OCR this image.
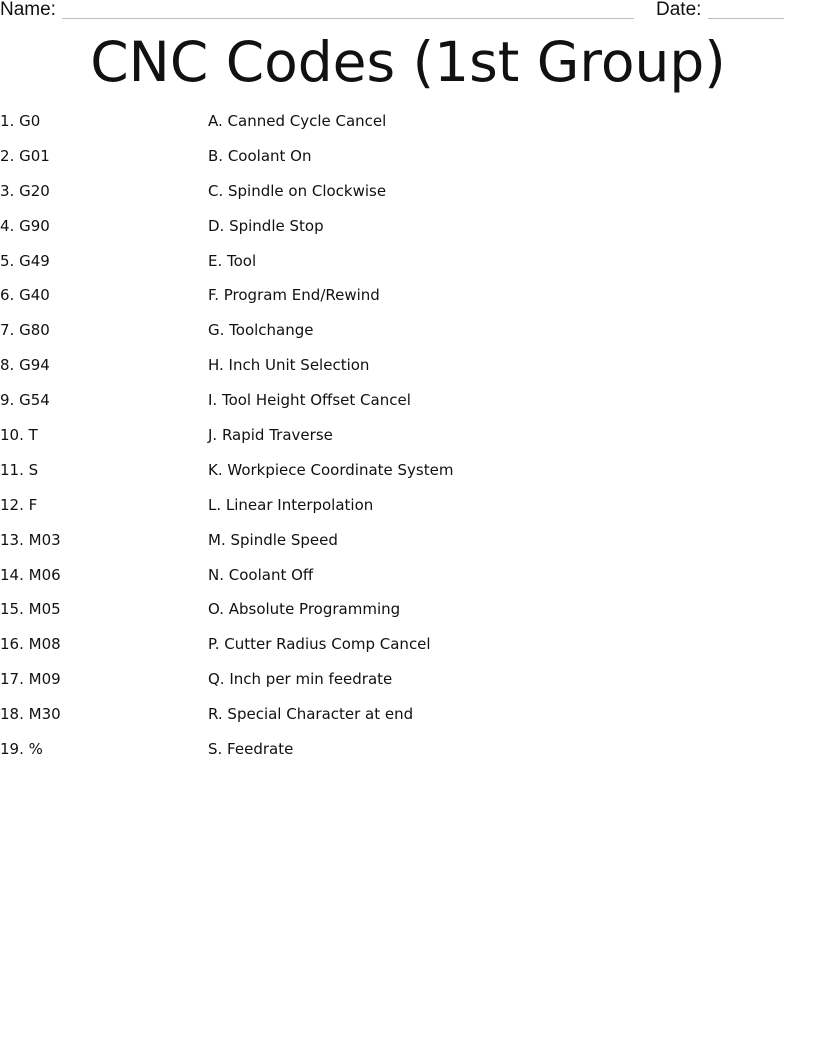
Name:	Date:
CNC Codes (1st Group)
1. G0	A. Canned Cycle Cancel
2. G01	B. Coolant On
3. G20	C. Spindle on Clockwise
4. G90	D. Spindle Stop
5. G49	E. Tool
6. G40	F. Program End/Rewind
7. G80	G. Toolchange
8. G94	H. Inch Unit Selection
9. G54	I. Tool Height Offset Cancel
10. T	J. Rapid Traverse
11. S	K. Workpiece Coordinate System
12. F	L. Linear Interpolation
13. M03	M. Spindle Speed
14. M06	N. Coolant Off
15. M05	O. Absolute Programming
16. M08	P. Cutter Radius Comp Cancel
17. M09	Q. Inch per min feedrate
18. M30	R. Special Character at end
19. %	S. Feedrate
